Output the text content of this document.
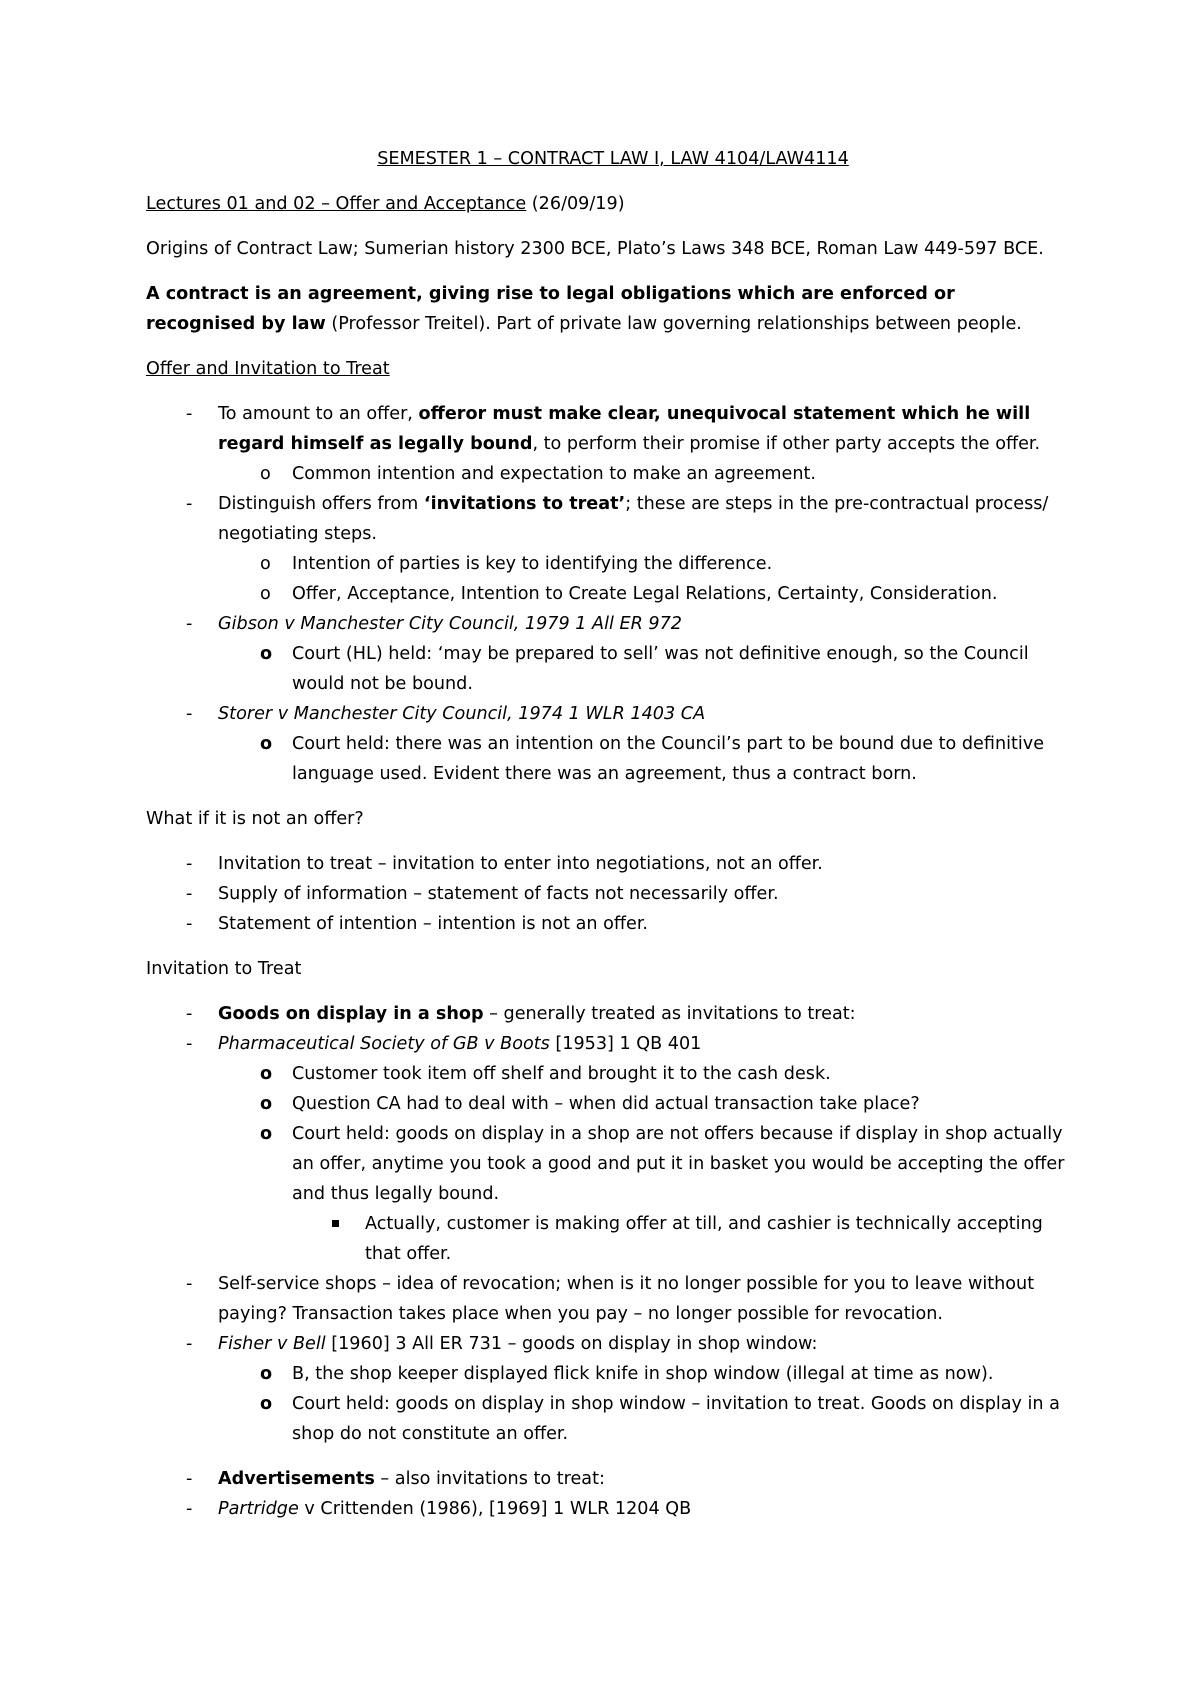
SEMESTER 1 – CONTRACT LAW I, LAW 4104/LAW4114
Lectures 01 and 02 – Offer and Acceptance (26/09/19)
Origins of Contract Law; Sumerian history 2300 BCE, Plato’s Laws 348 BCE, Roman Law 449-597 BCE.
A contract is an agreement, giving rise to legal obligations which are enforced or recognised by law (Professor Treitel). Part of private law governing relationships between people.
Offer and Invitation to Treat
- To amount to an offer, offeror must make clear, unequivocal statement which he will regard himself as legally bound, to perform their promise if other party accepts the offer.
o Common intention and expectation to make an agreement.
- Distinguish offers from ‘invitations to treat’; these are steps in the pre-contractual process/ negotiating steps.
o Intention of parties is key to identifying the difference.
o Offer, Acceptance, Intention to Create Legal Relations, Certainty, Consideration.
- Gibson v Manchester City Council, 1979 1 All ER 972
o Court (HL) held: ‘may be prepared to sell’ was not definitive enough, so the Council would not be bound.
- Storer v Manchester City Council, 1974 1 WLR 1403 CA
o Court held: there was an intention on the Council’s part to be bound due to definitive language used. Evident there was an agreement, thus a contract born.
What if it is not an offer?
- Invitation to treat – invitation to enter into negotiations, not an offer.
- Supply of information – statement of facts not necessarily offer.
- Statement of intention – intention is not an offer.
Invitation to Treat
- Goods on display in a shop – generally treated as invitations to treat:
- Pharmaceutical Society of GB v Boots [1953] 1 QB 401
o Customer took item off shelf and brought it to the cash desk.
o Question CA had to deal with – when did actual transaction take place?
o Court held: goods on display in a shop are not offers because if display in shop actually an offer, anytime you took a good and put it in basket you would be accepting the offer and thus legally bound.
Actually, customer is making offer at till, and cashier is technically accepting that offer.
- Self-service shops – idea of revocation; when is it no longer possible for you to leave without paying? Transaction takes place when you pay – no longer possible for revocation.
- Fisher v Bell [1960] 3 All ER 731 – goods on display in shop window:
o B, the shop keeper displayed flick knife in shop window (illegal at time as now).
o Court held: goods on display in shop window – invitation to treat. Goods on display in a shop do not constitute an offer.
- Advertisements – also invitations to treat:
- Partridge v Crittenden (1986), [1969] 1 WLR 1204 QB
